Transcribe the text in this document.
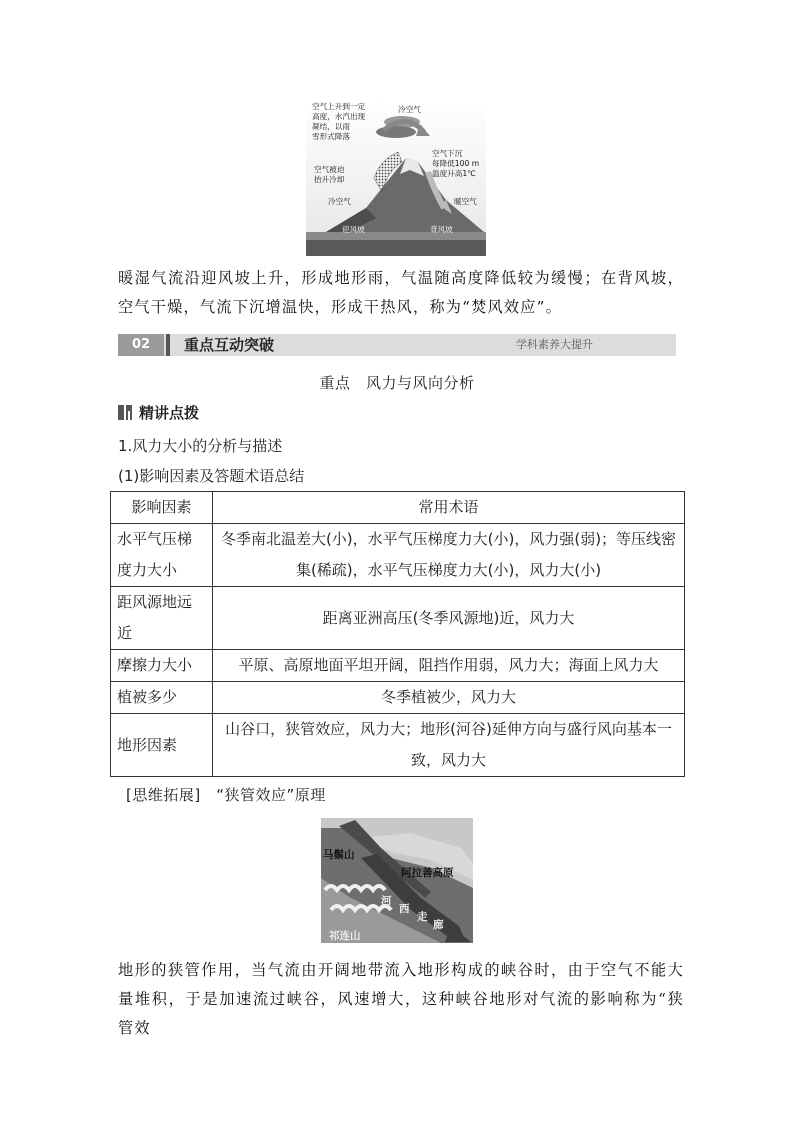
空气上升到一定
高度，水汽出现
凝结，以雨
雪形式降落
冷空气
空气被迫
抬升冷却
空气下沉
每降低100 m
温度升高1℃
冷空气	暖空气
迎风坡	背风坡
暖湿气流沿迎风坡上升，形成地形雨，气温随高度降低较为缓慢；在背风坡，空气干燥，气流下沉增温快，形成干热风，称为“焚风效应”。
02	重点互动突破	学科素养大提升
重点　风力与风向分析
精讲点拨
1.风力大小的分析与描述
(1)影响因素及答题术语总结
影响因素	常用术语
水平气压梯度力大小	冬季南北温差大(小)，水平气压梯度力大(小)，风力强(弱)；等压线密集(稀疏)，水平气压梯度力大(小)，风力大(小)
距风源地远近	距离亚洲高压(冬季风源地)近，风力大
摩擦力大小	平原、高原地面平坦开阔，阻挡作用弱，风力大；海面上风力大
植被多少	冬季植被少，风力大
地形因素	山谷口，狭管效应，风力大；地形(河谷)延伸方向与盛行风向基本一致，风力大
[思维拓展]　“狭管效应”原理
马鬃山
阿拉善高原
祁连山
河
西
走
廊
地形的狭管作用，当气流由开阔地带流入地形构成的峡谷时，由于空气不能大量堆积，于是加速流过峡谷，风速增大，这种峡谷地形对气流的影响称为“狭管效
